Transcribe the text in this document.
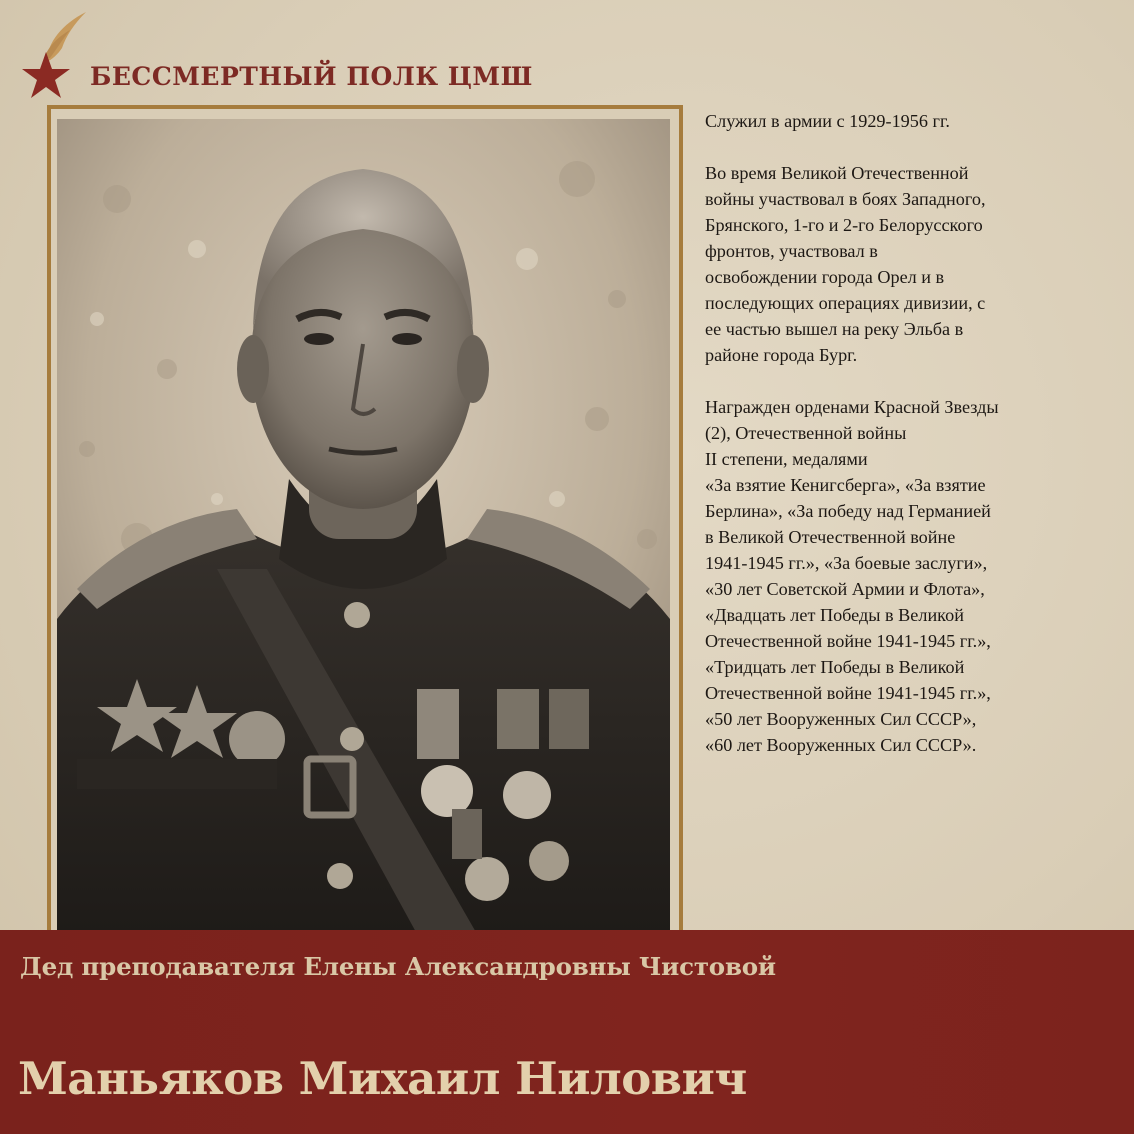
БЕССМЕРТНЫЙ ПОЛК ЦМШ

Служил в армии с 1929-1956 гг.

Во время Великой Отечественной
войны участвовал в боях Западного,
Брянского, 1-го и 2-го Белорусского
фронтов, участвовал в
освобождении города Орел и в
последующих операциях дивизии, с
ее частью вышел на реку Эльба в
районе города Бург.

Награжден орденами Красной Звезды
(2), Отечественной войны
II степени, медалями
«За взятие Кенигсберга», «За взятие
Берлина», «За победу над Германией
в Великой Отечественной войне
1941-1945 гг.», «За боевые заслуги»,
«30 лет Советской Армии и Флота»,
«Двадцать лет Победы в Великой
Отечественной войне 1941-1945 гг.»,
«Тридцать лет Победы в Великой
Отечественной войне 1941-1945 гг.»,
«50 лет Вооруженных Сил СССР»,
«60 лет Вооруженных Сил СССР».

Дед преподавателя Елены Александровны Чистовой
Маньяков Михаил Нилович
